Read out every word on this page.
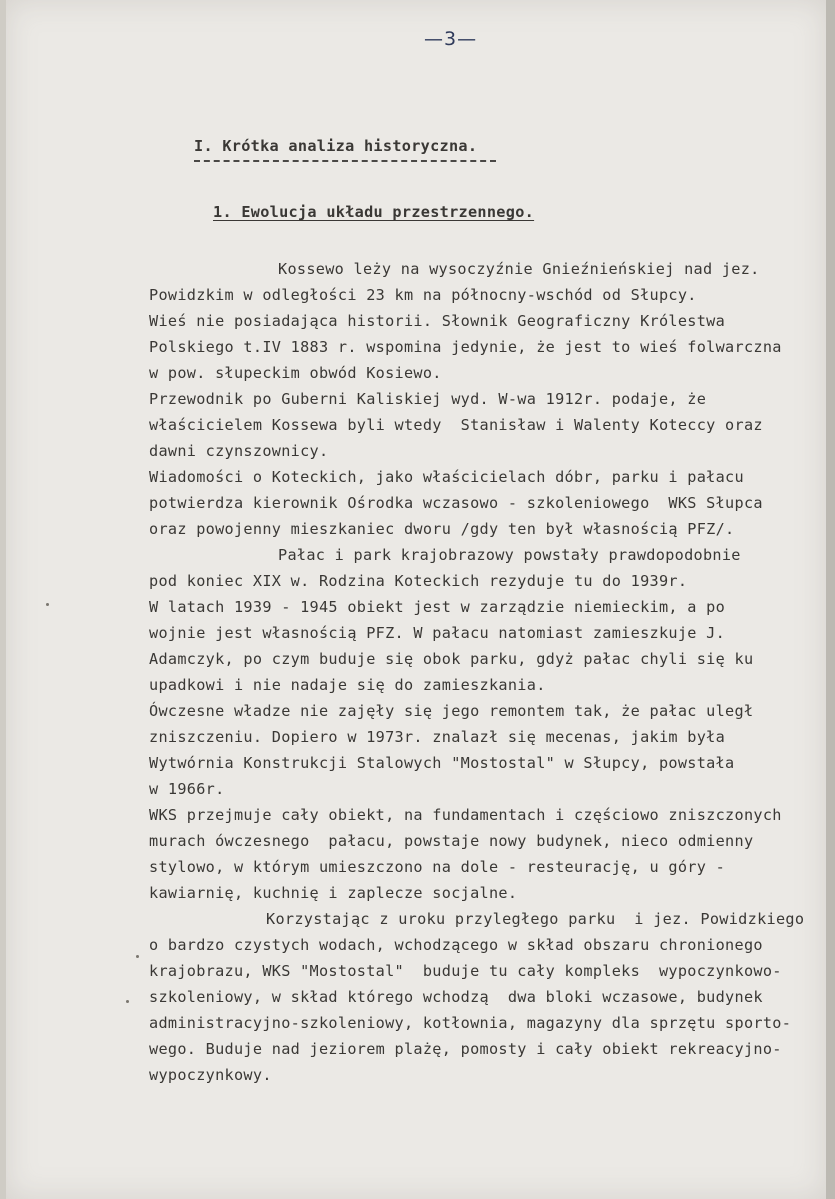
—3—
I. Krótka analiza historyczna.
1. Ewolucja układu przestrzennego.
Kossewo leży na wysoczyźnie Gnieźnieńskiej nad jez.
Powidzkim w odległości 23 km na północny-wschód od Słupcy.
Wieś nie posiadająca historii. Słownik Geograficzny Królestwa
Polskiego t.IV 1883 r. wspomina jedynie, że jest to wieś folwarczna
w pow. słupeckim obwód Kosiewo.
Przewodnik po Guberni Kaliskiej wyd. W-wa 1912r. podaje, że
właścicielem Kossewa byli wtedy  Stanisław i Walenty Koteccy oraz
dawni czynszownicy.
Wiadomości o Koteckich, jako właścicielach dóbr, parku i pałacu
potwierdza kierownik Ośrodka wczasowo - szkoleniowego  WKS Słupca
oraz powojenny mieszkaniec dworu /gdy ten był własnością PFZ/.
Pałac i park krajobrazowy powstały prawdopodobnie
pod koniec XIX w. Rodzina Koteckich rezyduje tu do 1939r.
W latach 1939 - 1945 obiekt jest w zarządzie niemieckim, a po
wojnie jest własnością PFZ. W pałacu natomiast zamieszkuje J.
Adamczyk, po czym buduje się obok parku, gdyż pałac chyli się ku
upadkowi i nie nadaje się do zamieszkania.
Ówczesne władze nie zajęły się jego remontem tak, że pałac uległ
zniszczeniu. Dopiero w 1973r. znalazł się mecenas, jakim była
Wytwórnia Konstrukcji Stalowych "Mostostal" w Słupcy, powstała
w 1966r.
WKS przejmuje cały obiekt, na fundamentach i częściowo zniszczonych
murach ówczesnego  pałacu, powstaje nowy budynek, nieco odmienny
stylowo, w którym umieszczono na dole - resteurację, u góry -
kawiarnię, kuchnię i zaplecze socjalne.
Korzystając z uroku przyległego parku  i jez. Powidzkiego
o bardzo czystych wodach, wchodzącego w skład obszaru chronionego
krajobrazu, WKS "Mostostal"  buduje tu cały kompleks  wypoczynkowo-
szkoleniowy, w skład którego wchodzą  dwa bloki wczasowe, budynek
administracyjno-szkoleniowy, kotłownia, magazyny dla sprzętu sporto-
wego. Buduje nad jeziorem plażę, pomosty i cały obiekt rekreacyjno-
wypoczynkowy.
